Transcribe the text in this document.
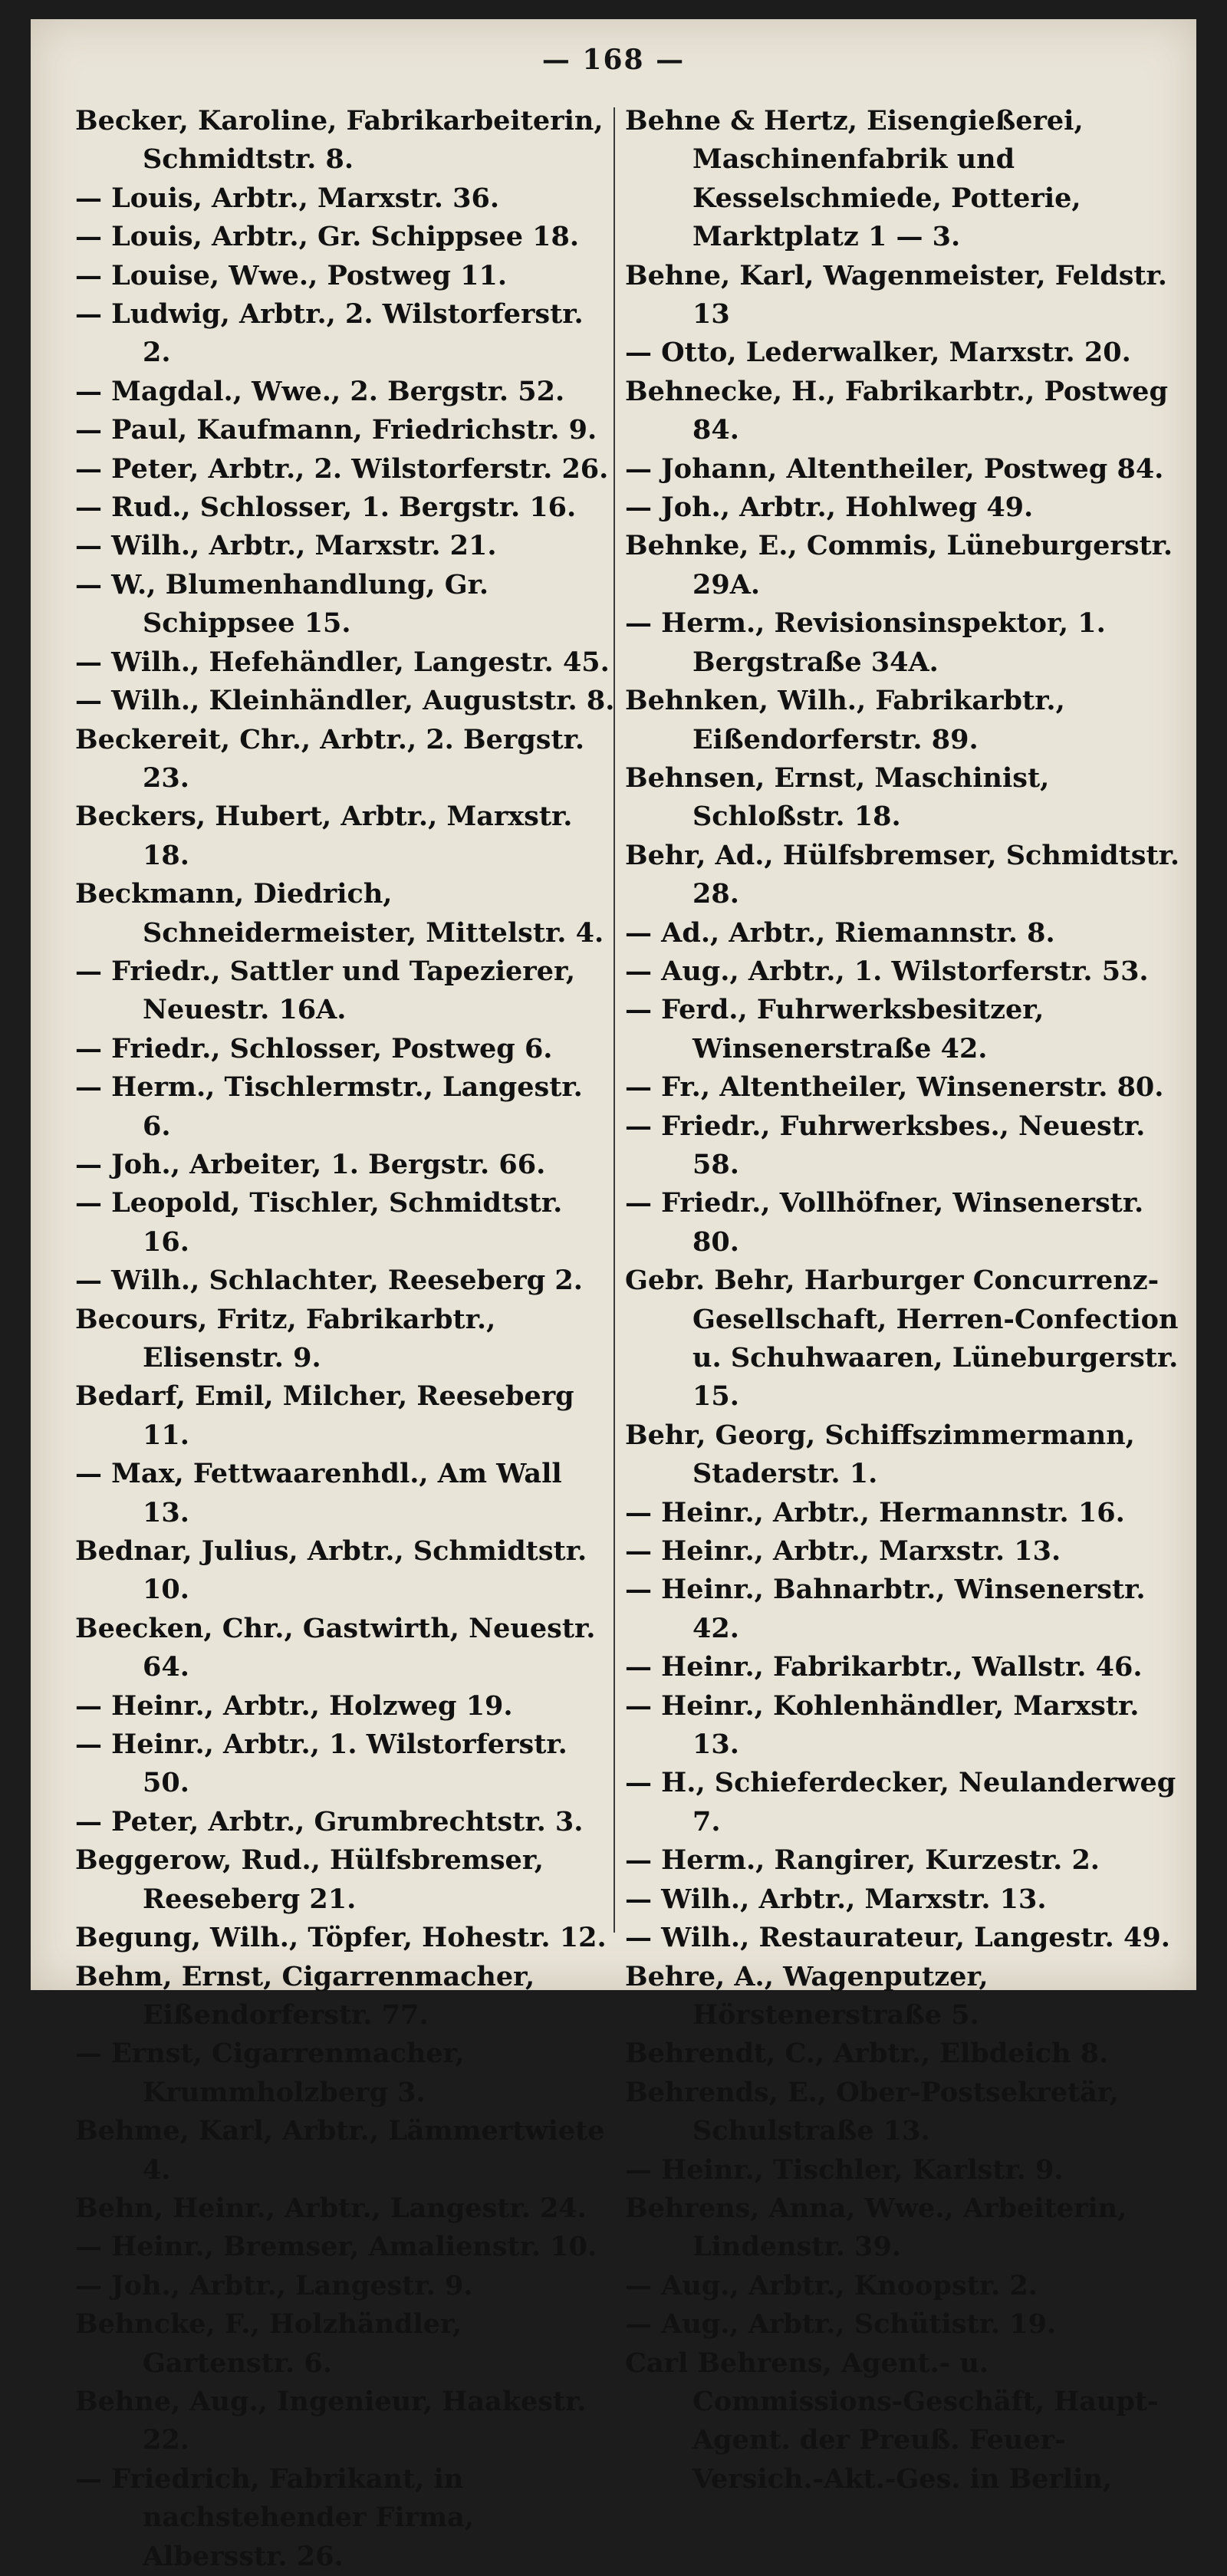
— 168 —

Becker, Karoline, Fabrikarbeiterin, Schmidtstr. 8.

— Louis, Arbtr., Marxstr. 36.

— Louis, Arbtr., Gr. Schippsee 18.

— Louise, Wwe., Postweg 11.

— Ludwig, Arbtr., 2. Wilstorferstr. 2.

— Magdal., Wwe., 2. Bergstr. 52.

— Paul, Kaufmann, Friedrichstr. 9.

— Peter, Arbtr., 2. Wilstorferstr. 26.

— Rud., Schlosser, 1. Bergstr. 16.

— Wilh., Arbtr., Marxstr. 21.

— W., Blumenhandlung, Gr. Schippsee 15.

— Wilh., Hefehändler, Langestr. 45.

— Wilh., Kleinhändler, Auguststr. 8.

Beckereit, Chr., Arbtr., 2. Bergstr. 23.

Beckers, Hubert, Arbtr., Marxstr. 18.

Beckmann, Diedrich, Schneidermeister, Mittelstr. 4.

— Friedr., Sattler und Tapezierer, Neuestr. 16A.

— Friedr., Schlosser, Postweg 6.

— Herm., Tischlermstr., Langestr. 6.

— Joh., Arbeiter, 1. Bergstr. 66.

— Leopold, Tischler, Schmidtstr. 16.

— Wilh., Schlachter, Reeseberg 2.

Becours, Fritz, Fabrikarbtr., Elisenstr. 9.

Bedarf, Emil, Milcher, Reeseberg 11.

— Max, Fettwaarenhdl., Am Wall 13.

Bednar, Julius, Arbtr., Schmidtstr. 10.

Beecken, Chr., Gastwirth, Neuestr. 64.

— Heinr., Arbtr., Holzweg 19.

— Heinr., Arbtr., 1. Wilstorferstr. 50.

— Peter, Arbtr., Grumbrechtstr. 3.

Beggerow, Rud., Hülfsbremser, Reeseberg 21.

Begung, Wilh., Töpfer, Hohestr. 12.

Behm, Ernst, Cigarrenmacher, Eißendorferstr. 77.

— Ernst, Cigarrenmacher, Krummholzberg 3.

Behme, Karl, Arbtr., Lämmertwiete 4.

Behn, Heinr., Arbtr., Langestr. 24.

— Heinr., Bremser, Amalienstr. 10.

— Joh., Arbtr., Langestr. 9.

Behncke, F., Holzhändler, Gartenstr. 6.

Behne, Aug., Ingenieur, Haakestr. 22.

— Friedrich, Fabrikant, in nachstehender Firma, Albersstr. 26.

Behne & Hertz, Eisengießerei, Maschinenfabrik und Kesselschmiede, Potterie, Marktplatz 1 — 3.

Behne, Karl, Wagenmeister, Feldstr. 13

— Otto, Lederwalker, Marxstr. 20.

Behnecke, H., Fabrikarbtr., Postweg 84.

— Johann, Altentheiler, Postweg 84.

— Joh., Arbtr., Hohlweg 49.

Behnke, E., Commis, Lüneburgerstr. 29A.

— Herm., Revisionsinspektor, 1. Bergstraße 34A.

Behnken, Wilh., Fabrikarbtr., Eißendorferstr. 89.

Behnsen, Ernst, Maschinist, Schloßstr. 18.

Behr, Ad., Hülfsbremser, Schmidtstr. 28.

— Ad., Arbtr., Riemannstr. 8.

— Aug., Arbtr., 1. Wilstorferstr. 53.

— Ferd., Fuhrwerksbesitzer, Winsenerstraße 42.

— Fr., Altentheiler, Winsenerstr. 80.

— Friedr., Fuhrwerksbes., Neuestr. 58.

— Friedr., Vollhöfner, Winsenerstr. 80.

Gebr. Behr, Harburger Concurrenz-Gesellschaft, Herren-Confection u. Schuhwaaren, Lüneburgerstr. 15.

Behr, Georg, Schiffszimmermann, Staderstr. 1.

— Heinr., Arbtr., Hermannstr. 16.

— Heinr., Arbtr., Marxstr. 13.

— Heinr., Bahnarbtr., Winsenerstr. 42.

— Heinr., Fabrikarbtr., Wallstr. 46.

— Heinr., Kohlenhändler, Marxstr. 13.

— H., Schieferdecker, Neulanderweg 7.

— Herm., Rangirer, Kurzestr. 2.

— Wilh., Arbtr., Marxstr. 13.

— Wilh., Restaurateur, Langestr. 49.

Behre, A., Wagenputzer, Hörstenerstraße 5.

Behrendt, C., Arbtr., Elbdeich 8.

Behrends, E., Ober-Postsekretär, Schulstraße 13.

— Heinr., Tischler, Karlstr. 9.

Behrens, Anna, Wwe., Arbeiterin, Lindenstr. 39.

— Aug., Arbtr., Knoopstr. 2.

— Aug., Arbtr., Schütistr. 19.

Carl Behrens, Agent.- u. Commissions-Geschäft, Haupt-Agent. der Preuß. Feuer-Versich.-Akt.-Ges. in Berlin,
